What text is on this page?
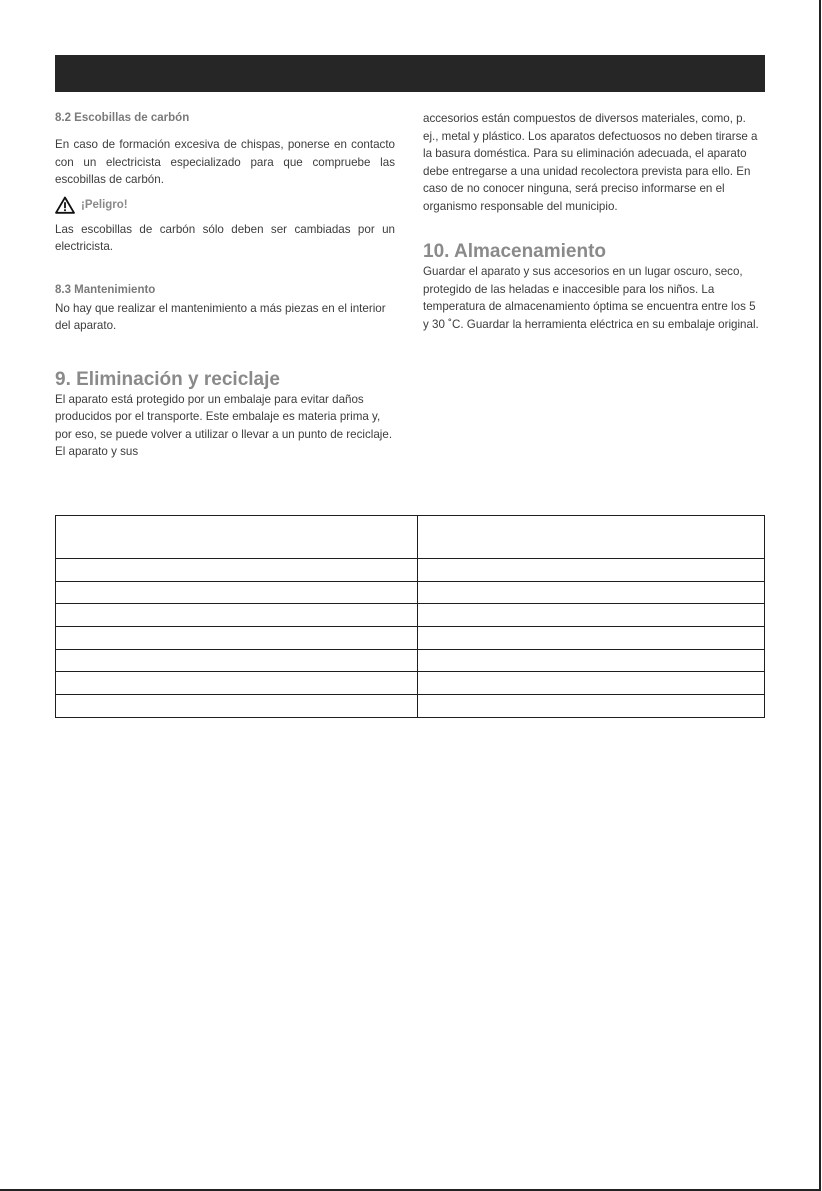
8.2 Escobillas de carbón

En caso de formación excesiva de chispas, ponerse en contacto con un electricista especializado para que compruebe las escobillas de carbón.

¡Peligro!

Las escobillas de carbón sólo deben ser cambiadas por un electricista.

8.3 Mantenimiento

No hay que realizar el mantenimiento a más piezas en el interior del aparato.

9. Eliminación y reciclaje

El aparato está protegido por un embalaje para evitar daños producidos por el transporte. Este embalaje es materia prima y, por eso, se puede volver a utilizar o llevar a un punto de reciclaje. El aparato y sus

accesorios están compuestos de diversos materiales, como, p. ej., metal y plástico. Los aparatos defectuosos no deben tirarse a la basura doméstica. Para su eliminación adecuada, el aparato debe entregarse a una unidad recolectora prevista para ello. En caso de no conocer ninguna, será preciso informarse en el organismo responsable del municipio.

10. Almacenamiento

Guardar el aparato y sus accesorios en un lugar oscuro, seco, protegido de las heladas e inaccesible para los niños. La temperatura de almacenamiento óptima se encuentra entre los 5 y 30 ˚C. Guardar la herramienta eléctrica en su embalaje original.
